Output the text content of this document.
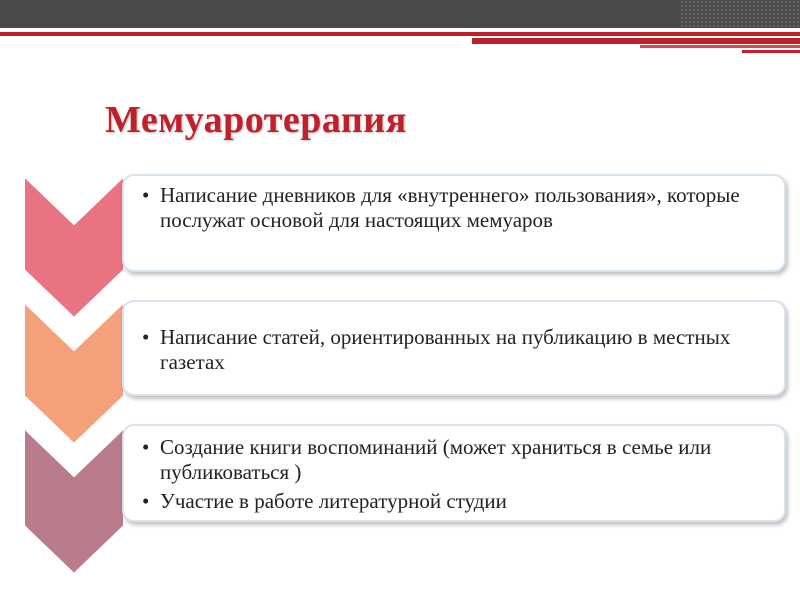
Мемуаротерапия
• Написание дневников для «внутреннего» пользования», которые послужат основой для настоящих мемуаров
• Написание статей, ориентированных на публикацию в местных газетах
• Создание книги воспоминаний (может храниться в семье или публиковаться )
• Участие в работе литературной студии
